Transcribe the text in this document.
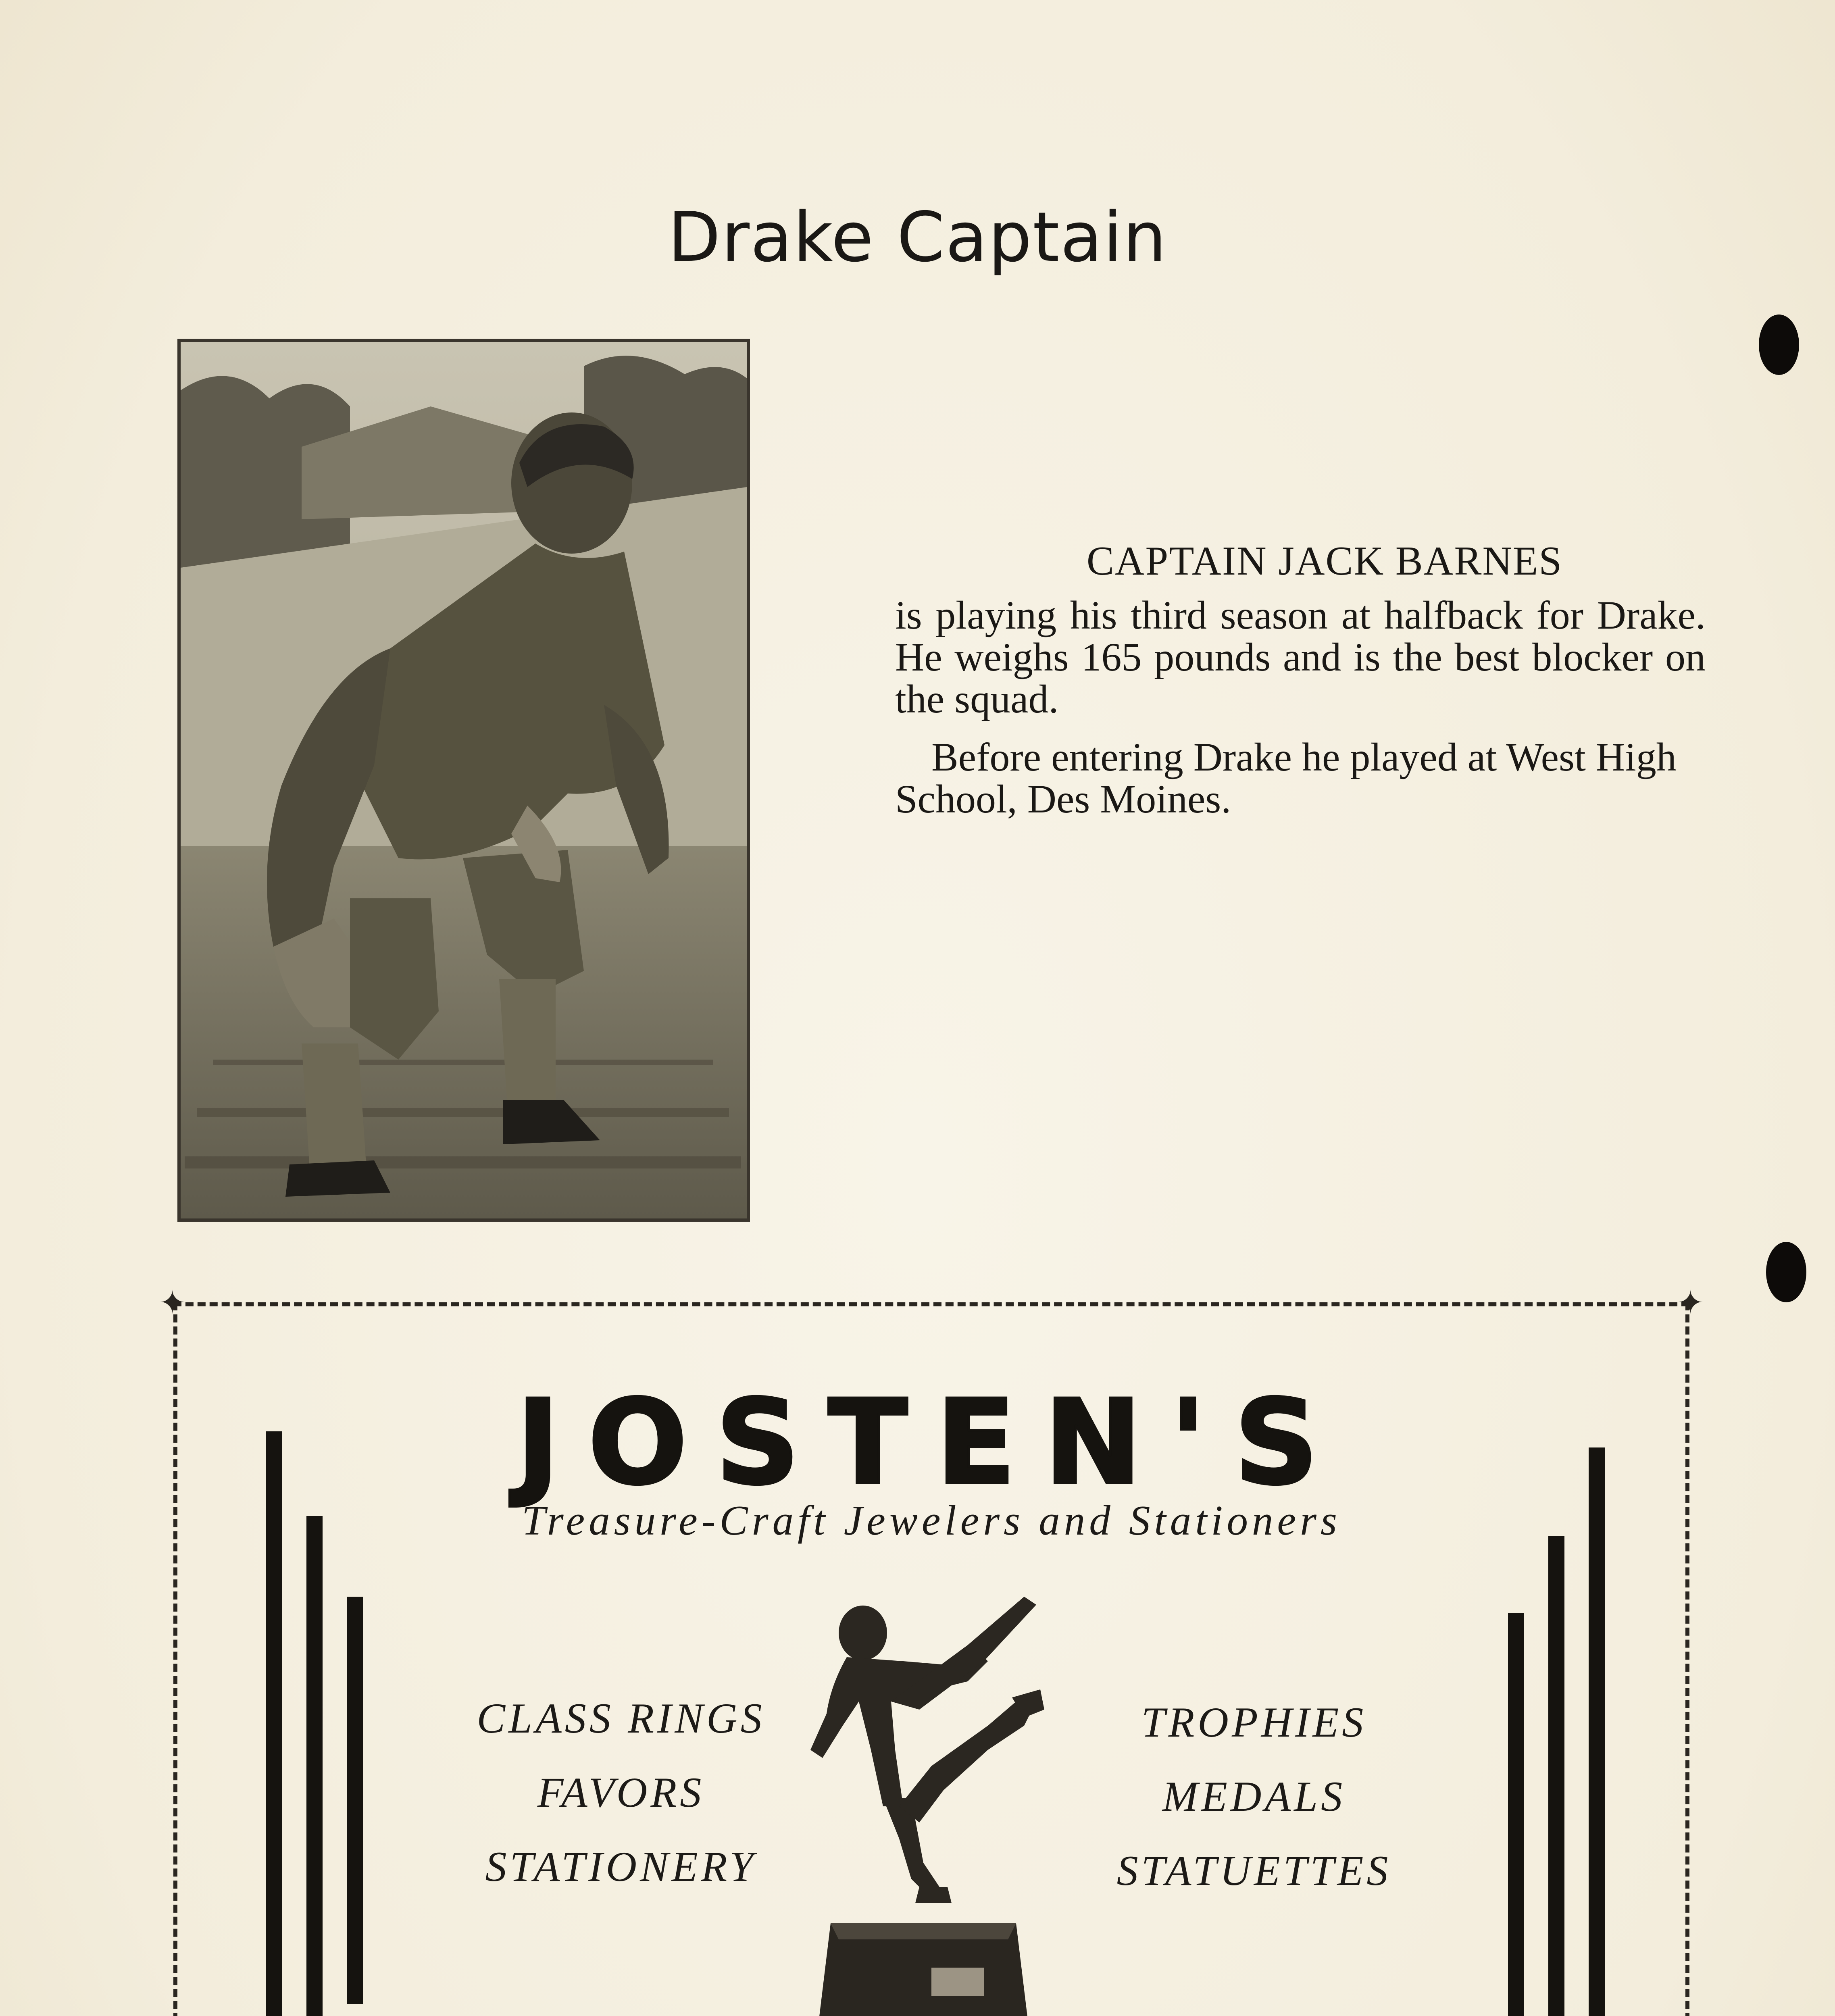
Drake Captain
CAPTAIN JACK BARNES

is playing his third season at halfback for Drake. He weighs 165 pounds and is the best blocker on the squad.

Before entering Drake he played at West High School, Des Moines.

✦	✦
JOSTEN'S
Treasure-Craft Jewelers and Stationers
CLASS RINGS
FAVORS
STATIONERY
TROPHIES
MEDALS
STATUETTES
